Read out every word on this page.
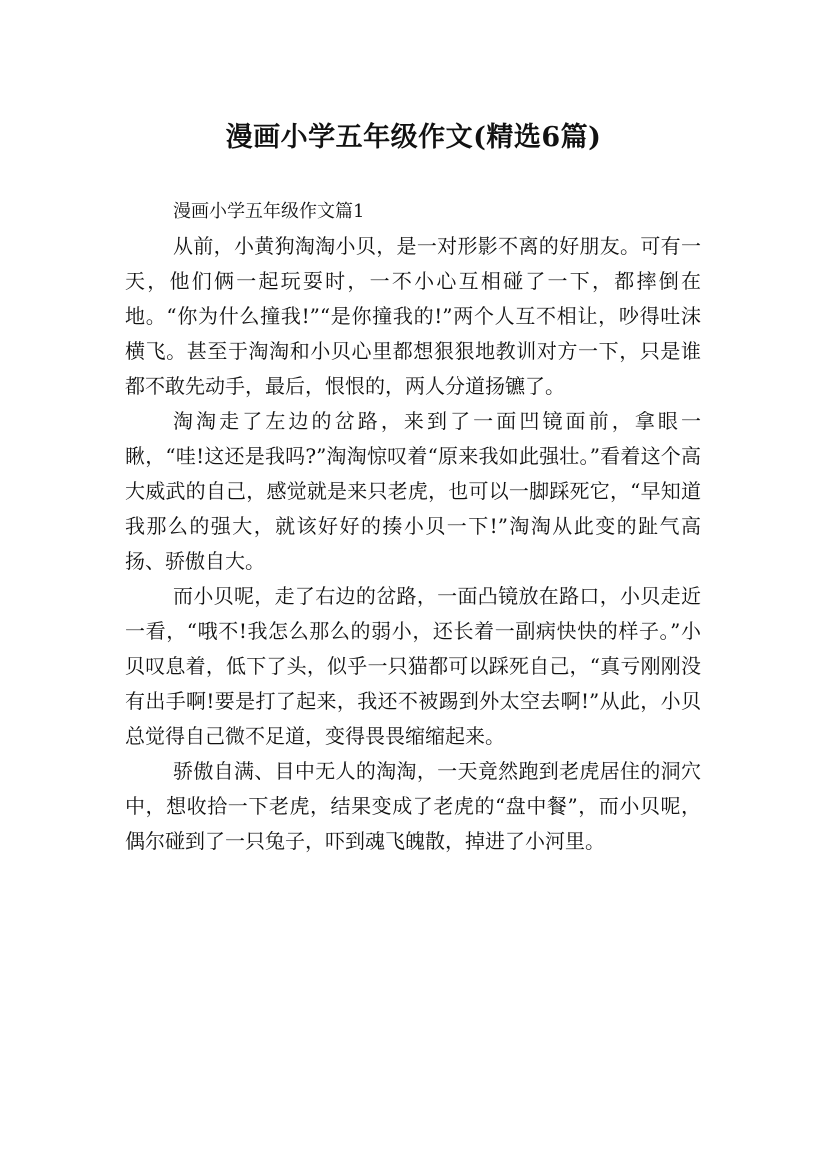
漫画小学五年级作文(精选6篇)

漫画小学五年级作文篇1

从前，小黄狗淘淘小贝，是一对形影不离的好朋友。可有一天，他们俩一起玩耍时，一不小心互相碰了一下，都摔倒在地。“你为什么撞我!”“是你撞我的!”两个人互不相让，吵得吐沫横飞。甚至于淘淘和小贝心里都想狠狠地教训对方一下，只是谁都不敢先动手，最后，恨恨的，两人分道扬镳了。

淘淘走了左边的岔路，来到了一面凹镜面前，拿眼一瞅，“哇!这还是我吗?”淘淘惊叹着“原来我如此强壮。”看着这个高大威武的自己，感觉就是来只老虎，也可以一脚踩死它，“早知道我那么的强大，就该好好的揍小贝一下!”淘淘从此变的趾气高扬、骄傲自大。

而小贝呢，走了右边的岔路，一面凸镜放在路口，小贝走近一看，“哦不!我怎么那么的弱小，还长着一副病快快的样子。”小贝叹息着，低下了头，似乎一只猫都可以踩死自己，“真亏刚刚没有出手啊!要是打了起来，我还不被踢到外太空去啊!”从此，小贝总觉得自己微不足道，变得畏畏缩缩起来。

骄傲自满、目中无人的淘淘，一天竟然跑到老虎居住的洞穴中，想收拾一下老虎，结果变成了老虎的“盘中餐”，而小贝呢，偶尔碰到了一只兔子，吓到魂飞魄散，掉进了小河里。
